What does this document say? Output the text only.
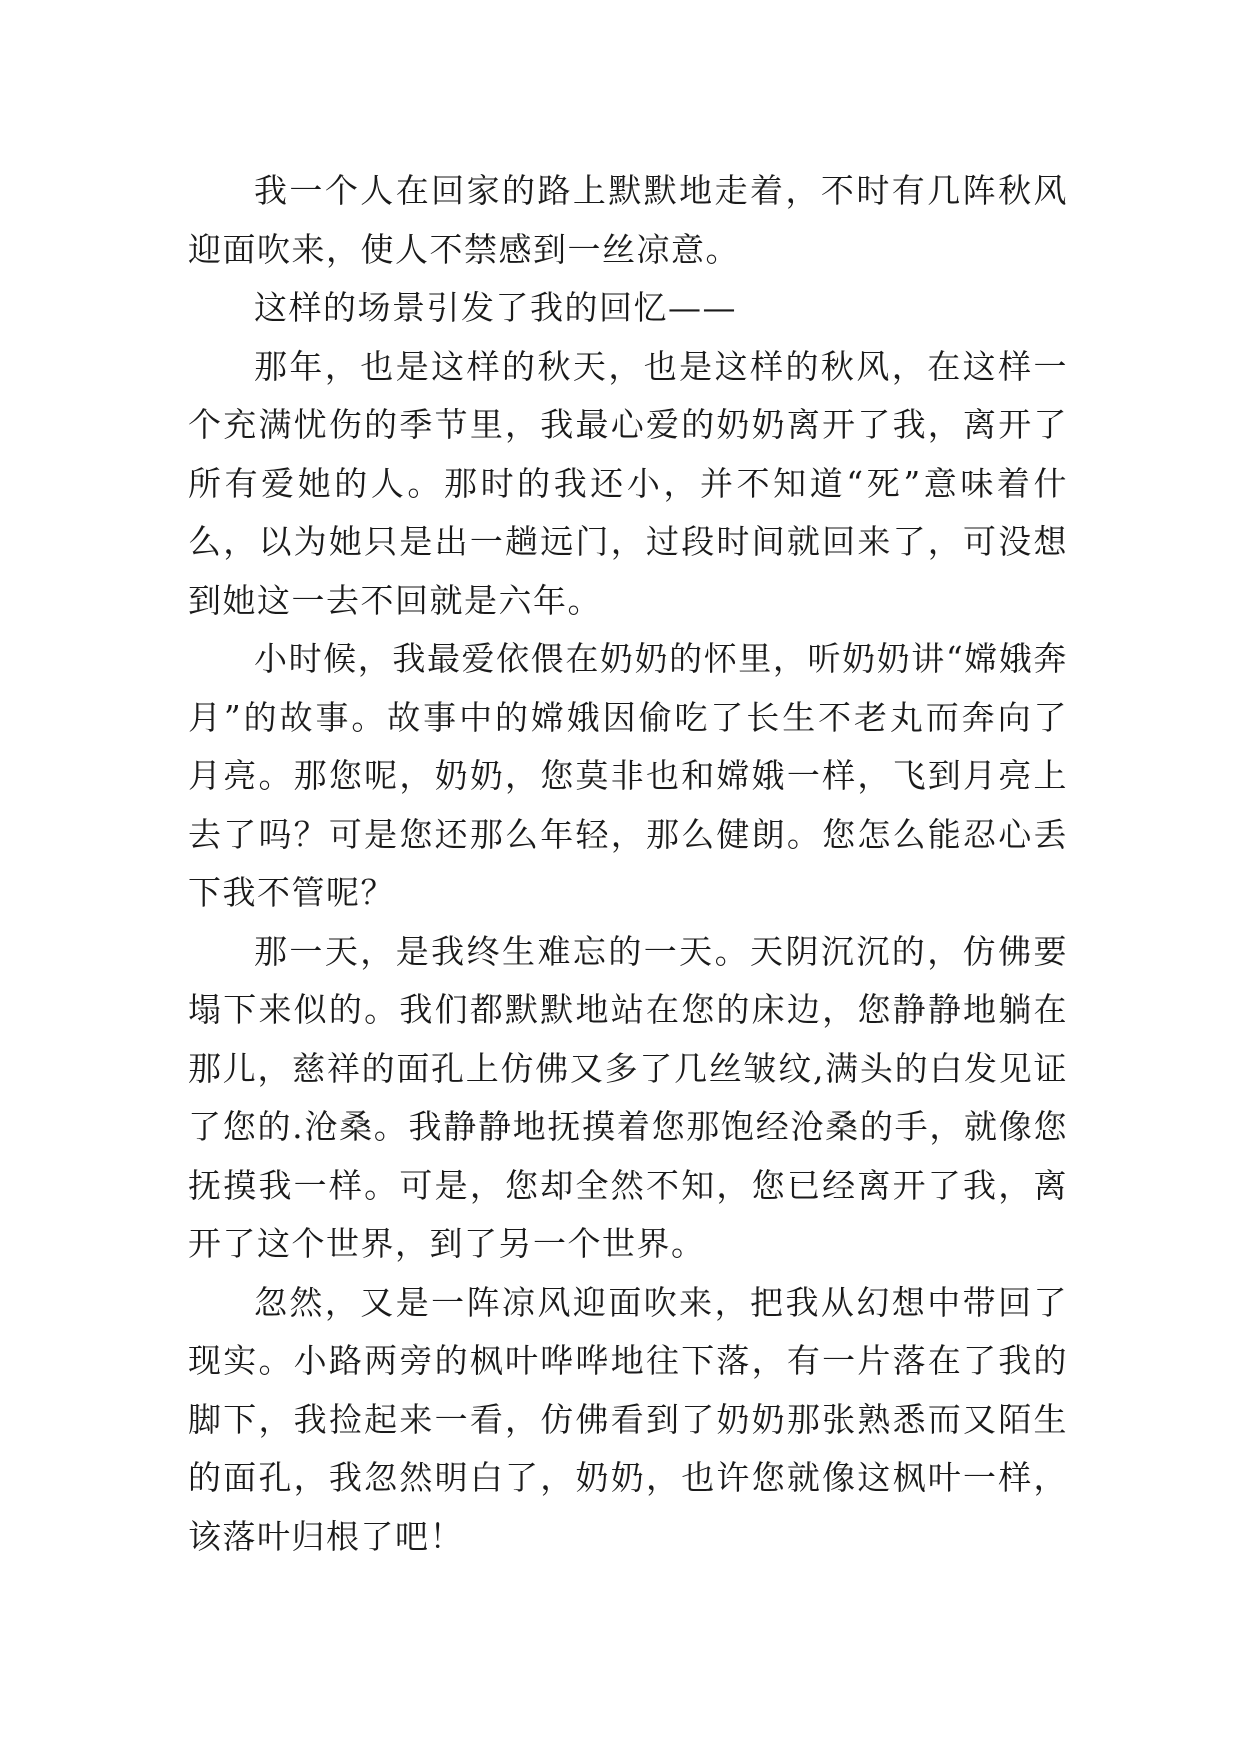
我一个人在回家的路上默默地走着，不时有几阵秋风迎面吹来，使人不禁感到一丝凉意。

这样的场景引发了我的回忆——

那年，也是这样的秋天，也是这样的秋风，在这样一个充满忧伤的季节里，我最心爱的奶奶离开了我，离开了所有爱她的人。那时的我还小，并不知道“死”意味着什么，以为她只是出一趟远门，过段时间就回来了，可没想到她这一去不回就是六年。

小时候，我最爱依偎在奶奶的怀里，听奶奶讲“嫦娥奔月”的故事。故事中的嫦娥因偷吃了长生不老丸而奔向了月亮。那您呢，奶奶，您莫非也和嫦娥一样，飞到月亮上去了吗？可是您还那么年轻，那么健朗。您怎么能忍心丢下我不管呢？

那一天，是我终生难忘的一天。天阴沉沉的，仿佛要塌下来似的。我们都默默地站在您的床边，您静静地躺在那儿，慈祥的面孔上仿佛又多了几丝皱纹,满头的白发见证了您的.沧桑。我静静地抚摸着您那饱经沧桑的手，就像您抚摸我一样。可是，您却全然不知，您已经离开了我，离开了这个世界，到了另一个世界。

忽然，又是一阵凉风迎面吹来，把我从幻想中带回了现实。小路两旁的枫叶哗哗地往下落，有一片落在了我的脚下，我捡起来一看，仿佛看到了奶奶那张熟悉而又陌生的面孔，我忽然明白了，奶奶，也许您就像这枫叶一样，该落叶归根了吧！
